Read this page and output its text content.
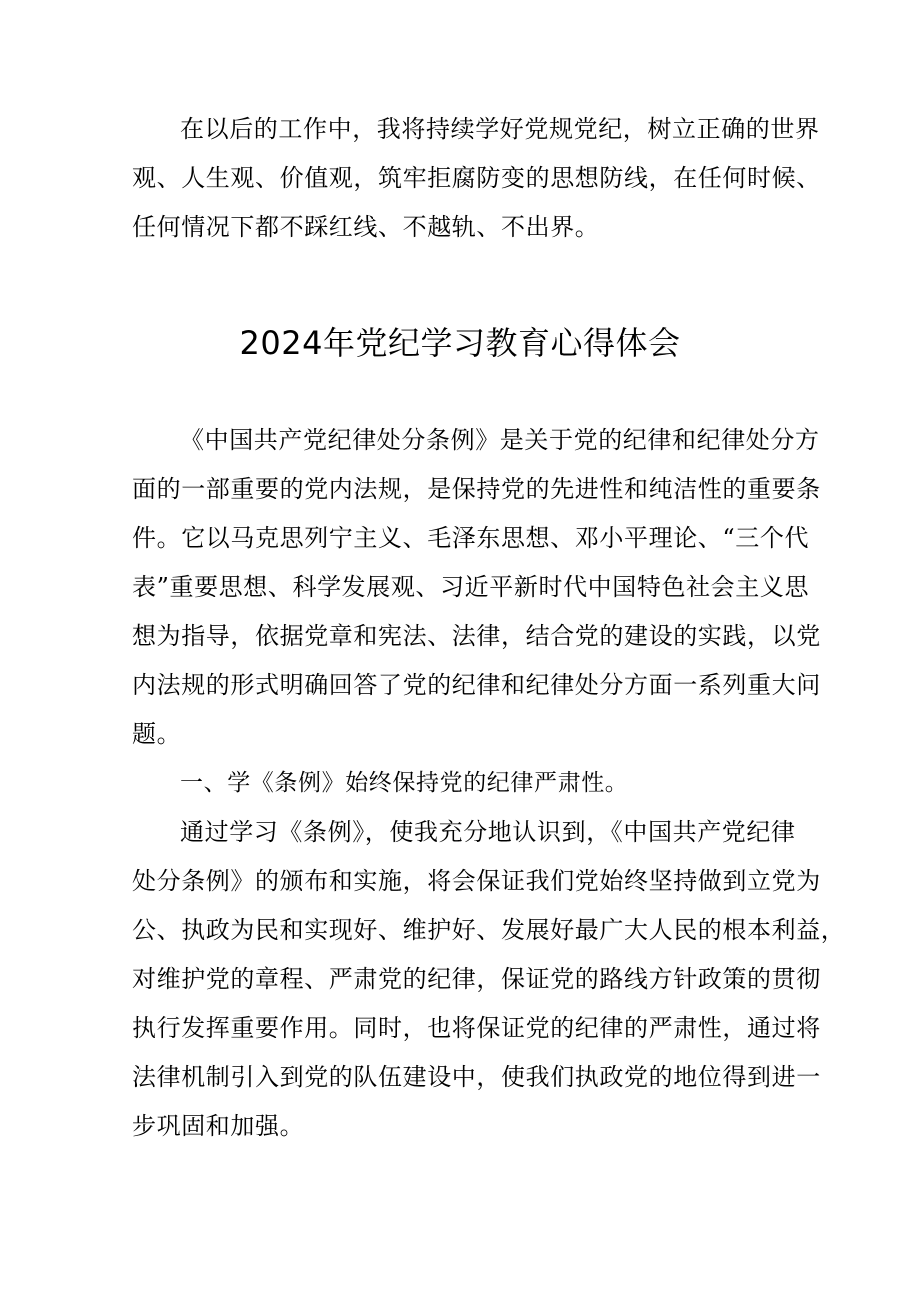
在以后的工作中，我将持续学好党规党纪，树立正确的世界
观、人生观、价值观，筑牢拒腐防变的思想防线，在任何时候、
任何情况下都不踩红线、不越轨、不出界。
2024年党纪学习教育心得体会
《中国共产党纪律处分条例》是关于党的纪律和纪律处分方
面的一部重要的党内法规，是保持党的先进性和纯洁性的重要条
件。它以马克思列宁主义、毛泽东思想、邓小平理论、“三个代
表”重要思想、科学发展观、习近平新时代中国特色社会主义思
想为指导，依据党章和宪法、法律，结合党的建设的实践，以党
内法规的形式明确回答了党的纪律和纪律处分方面一系列重大问
题。
一、学《条例》始终保持党的纪律严肃性。
通过学习《条例》，使我充分地认识到，《中国共产党纪律
处分条例》的颁布和实施，将会保证我们党始终坚持做到立党为
公、执政为民和实现好、维护好、发展好最广大人民的根本利益，
对维护党的章程、严肃党的纪律，保证党的路线方针政策的贯彻
执行发挥重要作用。同时，也将保证党的纪律的严肃性，通过将
法律机制引入到党的队伍建设中，使我们执政党的地位得到进一
步巩固和加强。
